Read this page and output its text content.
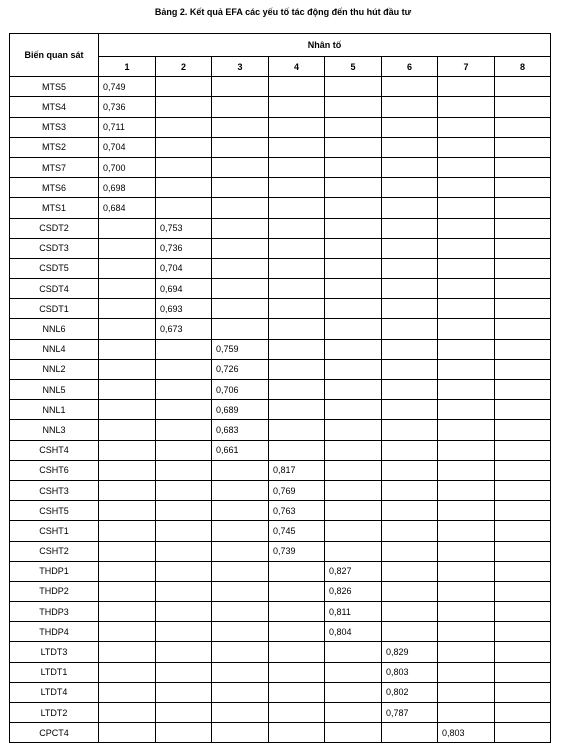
Bảng 2. Kết quả EFA các yếu tố tác động đến thu hút đầu tư
Biến quan sát	Nhân tố							
	1	2	3	4	5	6	7	8
MTS5	0,749							
MTS4	0,736							
MTS3	0,711							
MTS2	0,704							
MTS7	0,700							
MTS6	0,698							
MTS1	0,684							
CSDT2		0,753						
CSDT3		0,736						
CSDT5		0,704						
CSDT4		0,694						
CSDT1		0,693						
NNL6		0,673						
NNL4			0,759					
NNL2			0,726					
NNL5			0,706					
NNL1			0,689					
NNL3			0,683					
CSHT4			0,661					
CSHT6				0,817				
CSHT3				0,769				
CSHT5				0,763				
CSHT1				0,745				
CSHT2				0,739				
THDP1					0,827			
THDP2					0,826			
THDP3					0,811			
THDP4					0,804			
LTDT3						0,829		
LTDT1						0,803		
LTDT4						0,802		
LTDT2						0,787		
CPCT4							0,803	
